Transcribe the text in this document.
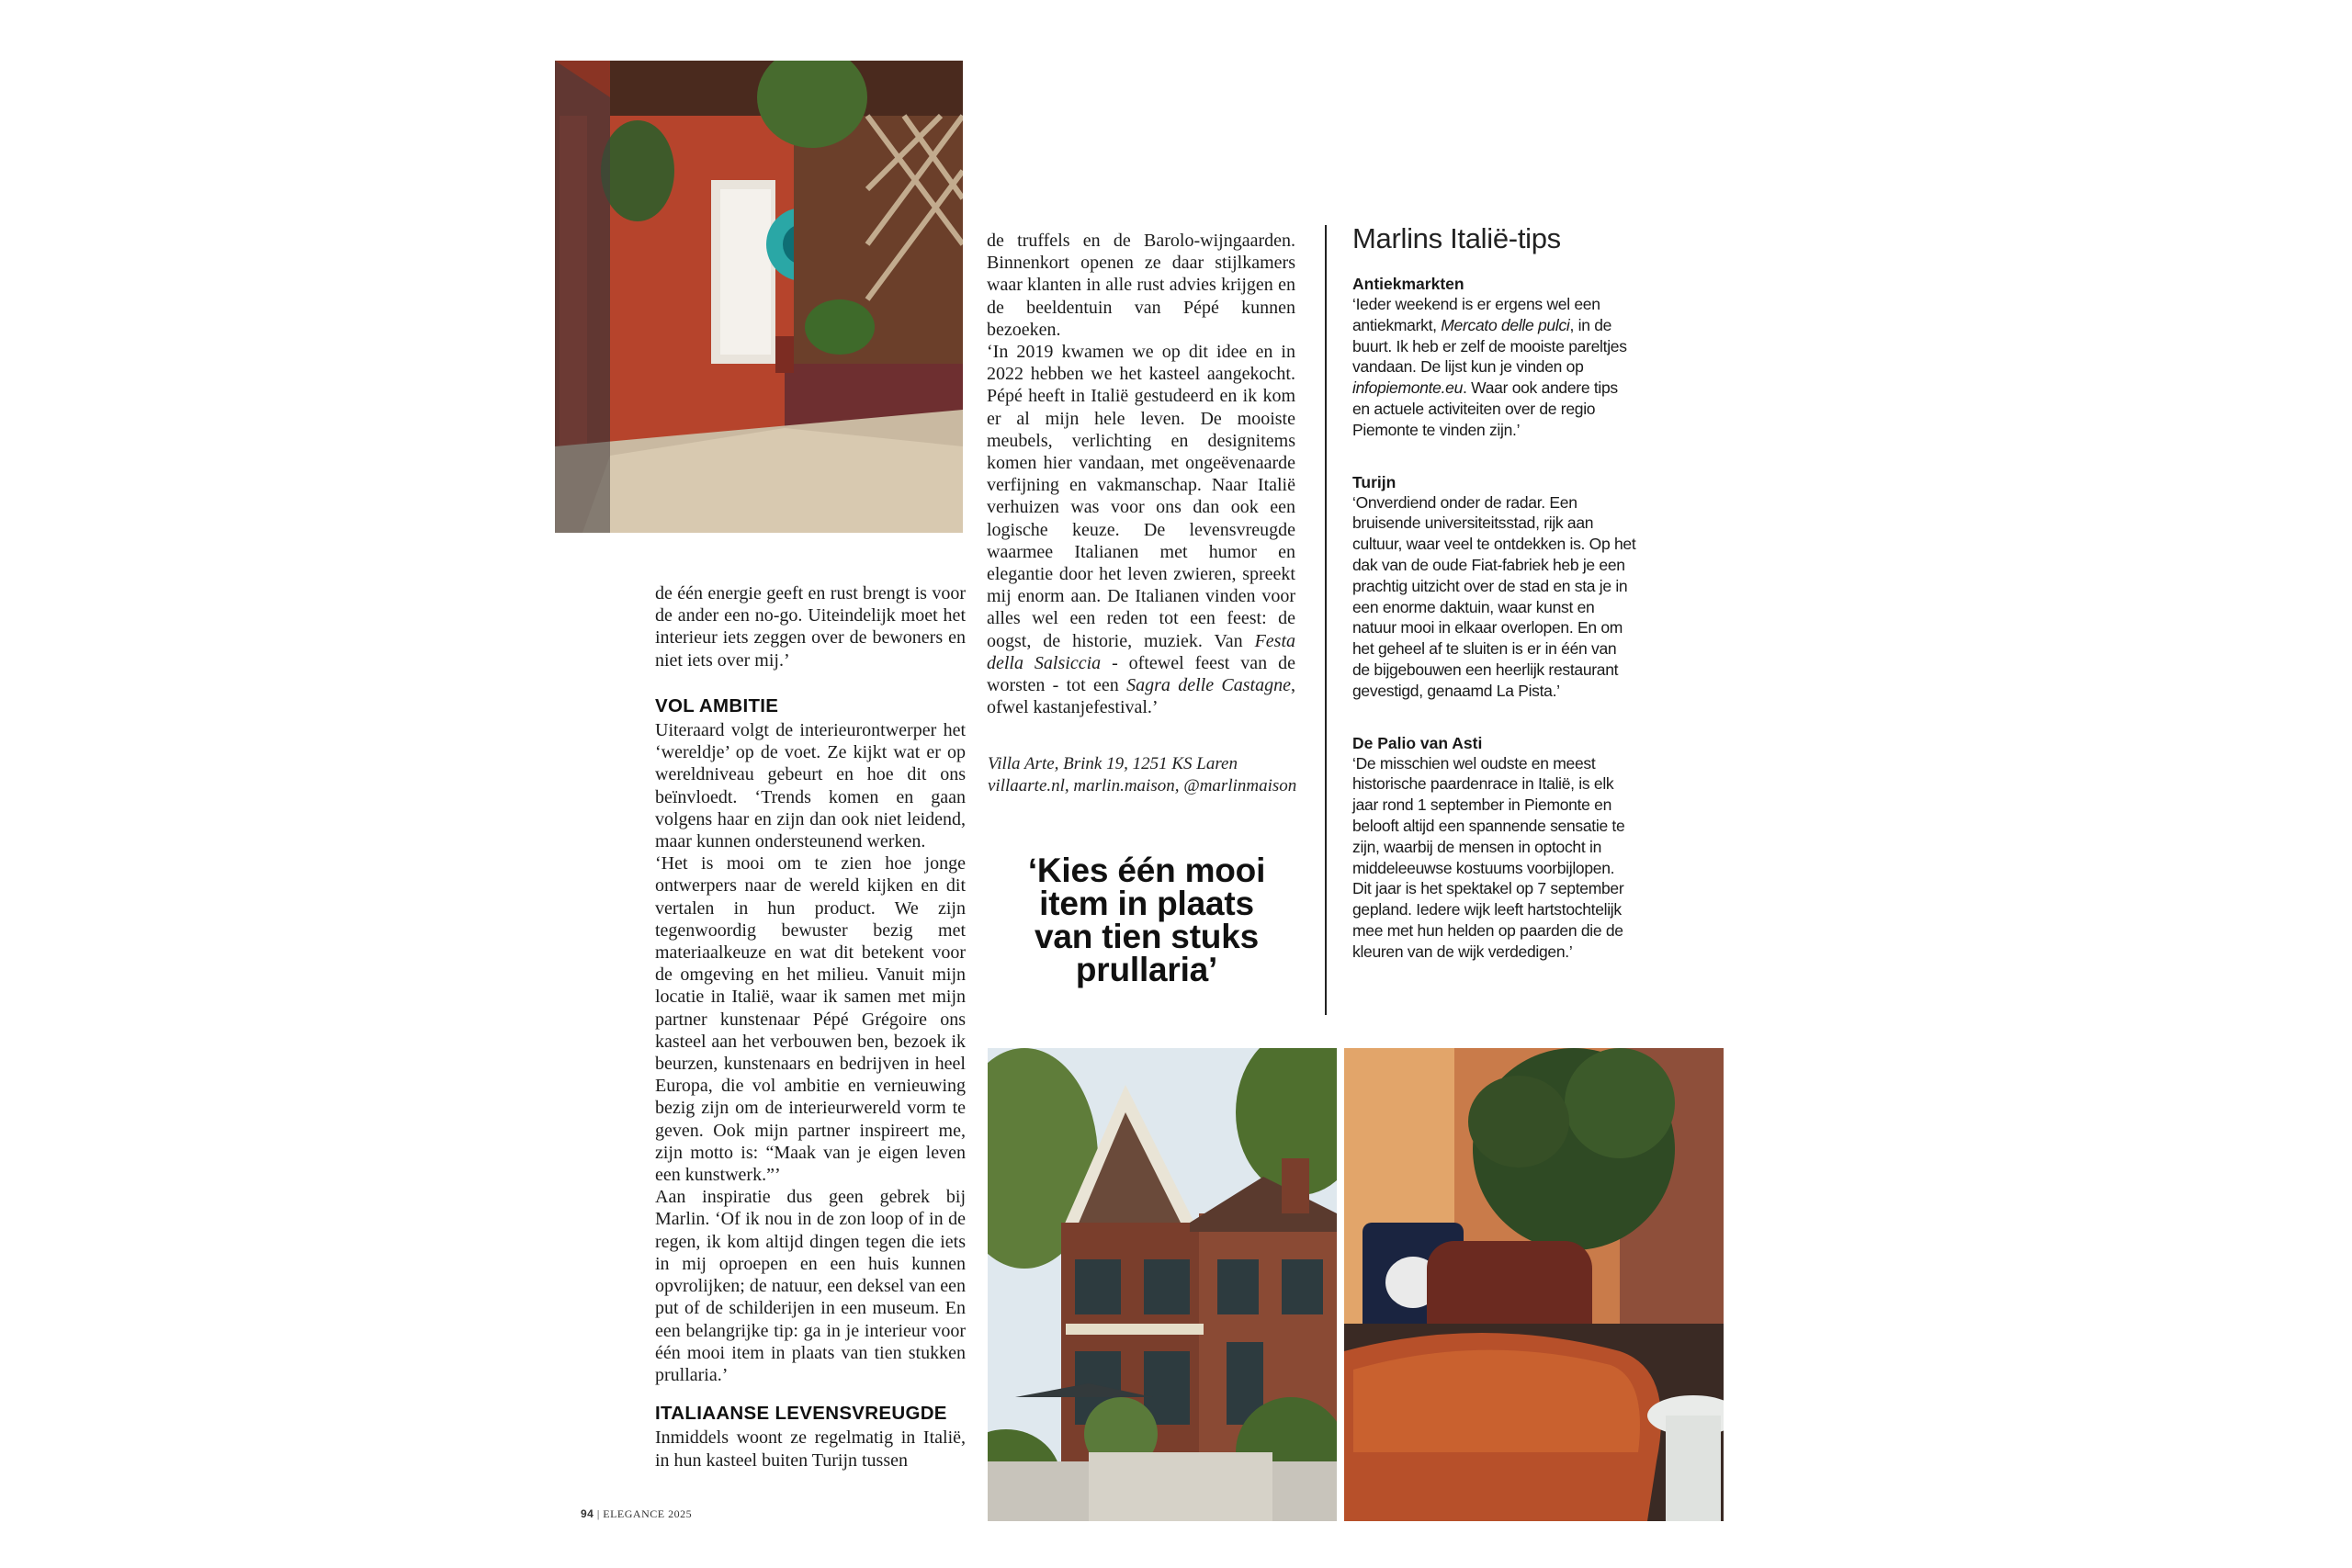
de één energie geeft en rust brengt is voor de ander een no-go. Uiteindelijk moet het interieur iets zeggen over de bewoners en niet iets over mij.’

VOL AMBITIE

Uiteraard volgt de interieurontwerper het ‘wereldje’ op de voet. Ze kijkt wat er op wereldniveau gebeurt en hoe dit ons beïnvloedt. ‘Trends komen en gaan volgens haar en zijn dan ook niet leidend, maar kunnen ondersteunend werken.

‘Het is mooi om te zien hoe jonge ontwerpers naar de wereld kijken en dit vertalen in hun product. We zijn tegenwoordig bewuster bezig met materiaalkeuze en wat dit betekent voor de omgeving en het milieu. Vanuit mijn locatie in Italië, waar ik samen met mijn partner kunstenaar Pépé Grégoire ons kasteel aan het verbouwen ben, bezoek ik beurzen, kunstenaars en bedrijven in heel Europa, die vol ambitie en vernieuwing bezig zijn om de interieurwereld vorm te geven. Ook mijn partner inspireert me, zijn motto is: “Maak van je eigen leven een kunstwerk.”’

Aan inspiratie dus geen gebrek bij Marlin. ‘Of ik nou in de zon loop of in de regen, ik kom altijd dingen tegen die iets in mij oproepen en een huis kunnen opvrolijken; de natuur, een deksel van een put of de schilderijen in een museum. En een belangrijke tip: ga in je interieur voor één mooi item in plaats van tien stukken prullaria.’

ITALIAANSE LEVENSVREUGDE

Inmiddels woont ze regelmatig in Italië, in hun kasteel buiten Turijn tussen

de truffels en de Barolo-wijngaarden. Binnenkort openen ze daar stijlkamers waar klanten in alle rust advies krijgen en de beeldentuin van Pépé kunnen bezoeken.

‘In 2019 kwamen we op dit idee en in 2022 hebben we het kasteel aangekocht. Pépé heeft in Italië gestudeerd en ik kom er al mijn hele leven. De mooiste meubels, verlichting en designitems komen hier vandaan, met ongeëvenaarde verfijning en vakmanschap. Naar Italië verhuizen was voor ons dan ook een logische keuze. De levensvreugde waarmee Italianen met humor en elegantie door het leven zwieren, spreekt mij enorm aan. De Italianen vinden voor alles wel een reden tot een feest: de oogst, de historie, muziek. Van Festa della Salsiccia - oftewel feest van de worsten - tot een Sagra delle Castagne, ofwel kastanjefestival.’

Villa Arte, Brink 19, 1251 KS Laren
villaarte.nl, marlin.maison, @marlinmaison
‘Kies één mooi item in plaats van tien stuks prullaria’
Marlins Italië-tips

Antiekmarkten

‘Ieder weekend is er ergens wel een antiekmarkt, Mercato delle pulci, in de buurt. Ik heb er zelf de mooiste pareltjes vandaan. De lijst kun je vinden op infopiemonte.eu. Waar ook andere tips en actuele activiteiten over de regio Piemonte te vinden zijn.’

Turijn

‘Onverdiend onder de radar. Een bruisende universiteitsstad, rijk aan cultuur, waar veel te ontdekken is. Op het dak van de oude Fiat-fabriek heb je een prachtig uitzicht over de stad en sta je in een enorme daktuin, waar kunst en natuur mooi in elkaar overlopen. En om het geheel af te sluiten is er in één van de bijgebouwen een heerlijk restaurant gevestigd, genaamd La Pista.’

De Palio van Asti

‘De misschien wel oudste en meest historische paardenrace in Italië, is elk jaar rond 1 september in Piemonte en belooft altijd een spannende sensatie te zijn, waarbij de mensen in optocht in middeleeuwse kostuums voorbijlopen. Dit jaar is het spektakel op 7 september gepland. Iedere wijk leeft hartstochtelijk mee met hun helden op paarden die de kleuren van de wijk verdedigen.’

94 | ELEGANCE 2025
